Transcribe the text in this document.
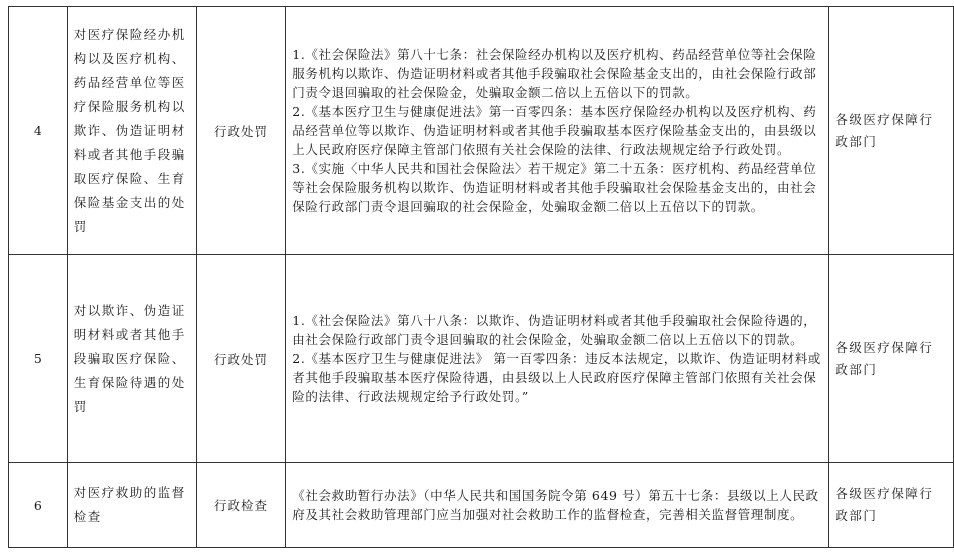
4	对医疗保险经办机构以及医疗机构、药品经营单位等医疗保险服务机构以欺诈、伪造证明材料或者其他手段骗取医疗保险、生育保险基金支出的处罚	行政处罚	1.《社会保险法》第八十七条：社会保险经办机构以及医疗机构、药品经营单位等社会保险服务机构以欺诈、伪造证明材料或者其他手段骗取社会保险基金支出的，由社会保险行政部门责令退回骗取的社会保险金，处骗取金额二倍以上五倍以下的罚款。
2.《基本医疗卫生与健康促进法》第一百零四条：基本医疗保险经办机构以及医疗机构、药品经营单位等以欺诈、伪造证明材料或者其他手段骗取基本医疗保险基金支出的，由县级以上人民政府医疗保障主管部门依照有关社会保险的法律、行政法规规定给予行政处罚。
3.《实施〈中华人民共和国社会保险法〉若干规定》第二十五条：医疗机构、药品经营单位等社会保险服务机构以欺诈、伪造证明材料或者其他手段骗取社会保险基金支出的，由社会保险行政部门责令退回骗取的社会保险金，处骗取金额二倍以上五倍以下的罚款。	各级医疗保障行政部门
5	对以欺诈、伪造证明材料或者其他手段骗取医疗保险、生育保险待遇的处罚	行政处罚	1.《社会保险法》第八十八条：以欺诈、伪造证明材料或者其他手段骗取社会保险待遇的，由社会保险行政部门责令退回骗取的社会保险金，处骗取金额二倍以上五倍以下的罚款。
2.《基本医疗卫生与健康促进法》 第一百零四条：违反本法规定，以欺诈、伪造证明材料或者其他手段骗取基本医疗保险待遇，由县级以上人民政府医疗保障主管部门依照有关社会保险的法律、行政法规规定给予行政处罚。”	各级医疗保障行政部门
6	对医疗救助的监督检查	行政检查	《社会救助暂行办法》（中华人民共和国国务院令第 649 号）第五十七条：县级以上人民政府及其社会救助管理部门应当加强对社会救助工作的监督检查，完善相关监督管理制度。	各级医疗保障行政部门
